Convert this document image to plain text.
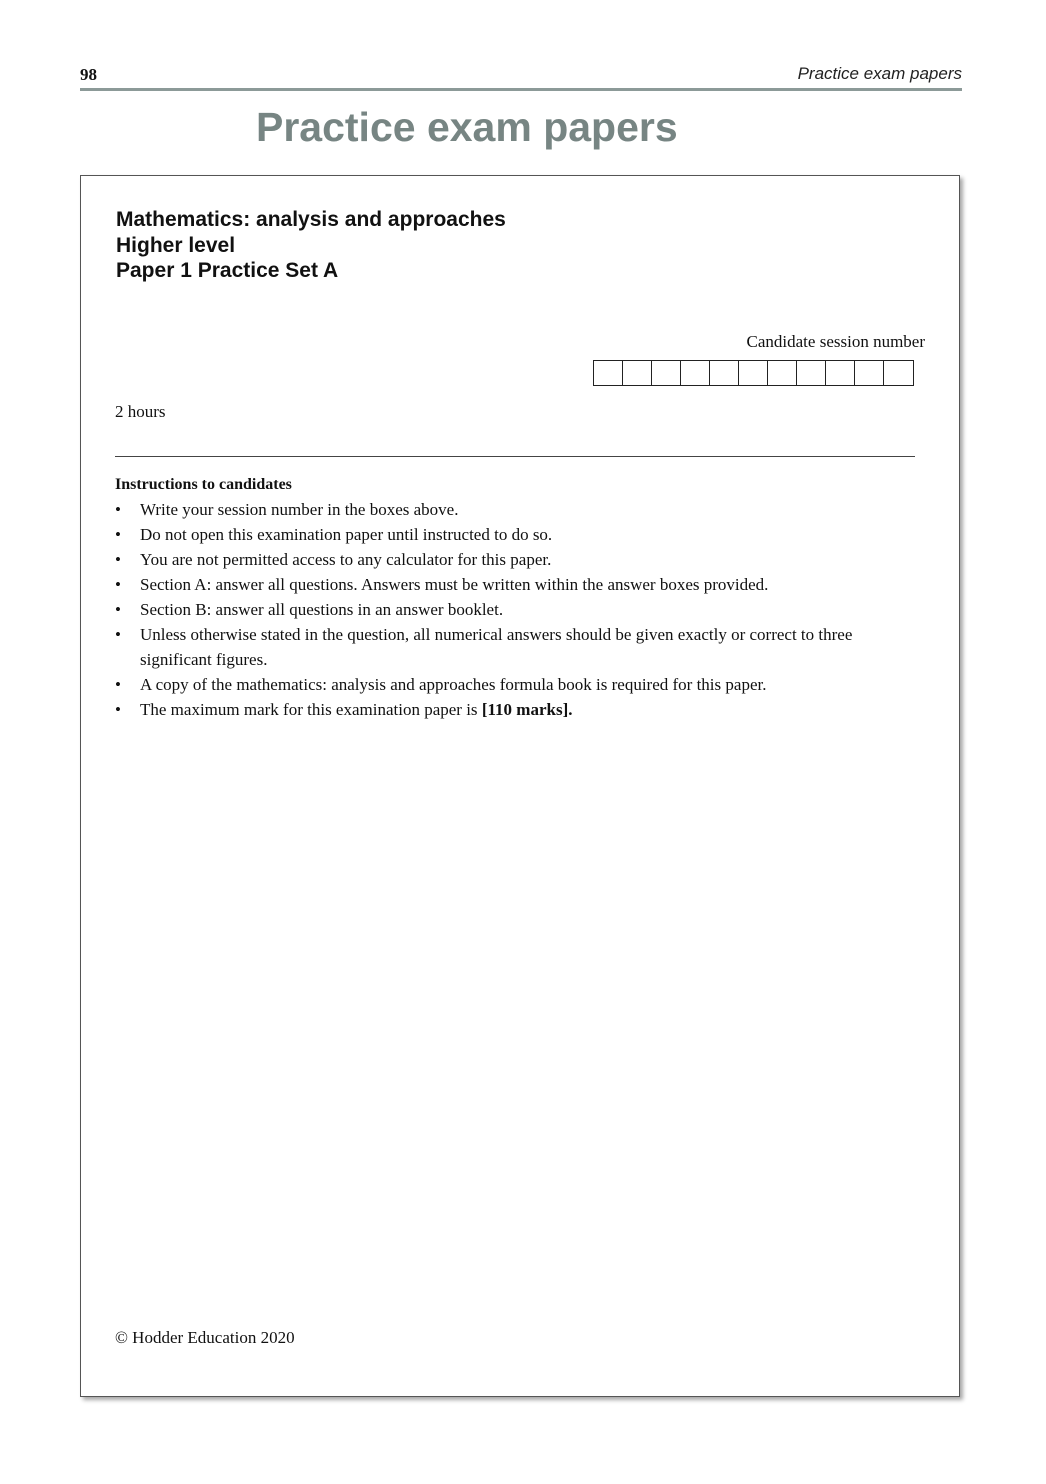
98	Practice exam papers
Practice exam papers
Mathematics: analysis and approaches
Higher level
Paper 1 Practice Set A
Candidate session number
2 hours
Instructions to candidates
•	Write your session number in the boxes above.
•	Do not open this examination paper until instructed to do so.
•	You are not permitted access to any calculator for this paper.
•	Section A: answer all questions. Answers must be written within the answer boxes provided.
•	Section B: answer all questions in an answer booklet.
•	Unless otherwise stated in the question, all numerical answers should be given exactly or correct to three significant figures.
•	A copy of the mathematics: analysis and approaches formula book is required for this paper.
•	The maximum mark for this examination paper is [110 marks].
© Hodder Education 2020
